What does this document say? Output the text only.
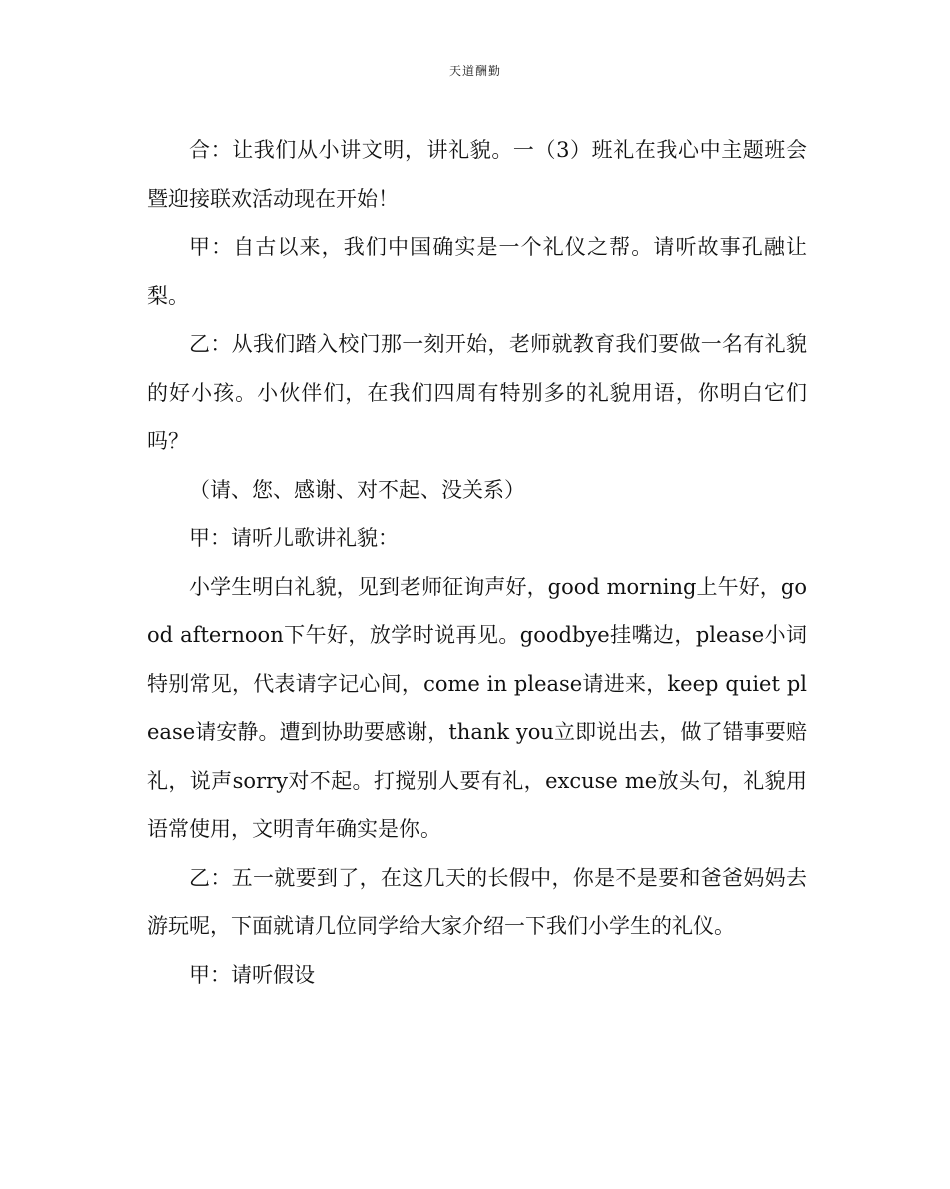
天道酬勤

合：让我们从小讲文明，讲礼貌。一（3）班礼在我心中主题班会暨迎接联欢活动现在开始！

甲：自古以来，我们中国确实是一个礼仪之帮。请听故事孔融让梨。

乙：从我们踏入校门那一刻开始，老师就教育我们要做一名有礼貌的好小孩。小伙伴们，在我们四周有特别多的礼貌用语，你明白它们吗？

（请、您、感谢、对不起、没关系）

甲：请听儿歌讲礼貌：

小学生明白礼貌，见到老师征询声好，good morning上午好，good afternoon下午好，放学时说再见。goodbye挂嘴边，please小词特别常见，代表请字记心间，come in please请进来，keep quiet please请安静。遭到协助要感谢，thank you立即说出去，做了错事要赔礼，说声sorry对不起。打搅别人要有礼，excuse me放头句，礼貌用语常使用，文明青年确实是你。

乙：五一就要到了，在这几天的长假中，你是不是要和爸爸妈妈去游玩呢，下面就请几位同学给大家介绍一下我们小学生的礼仪。

甲：请听假设
